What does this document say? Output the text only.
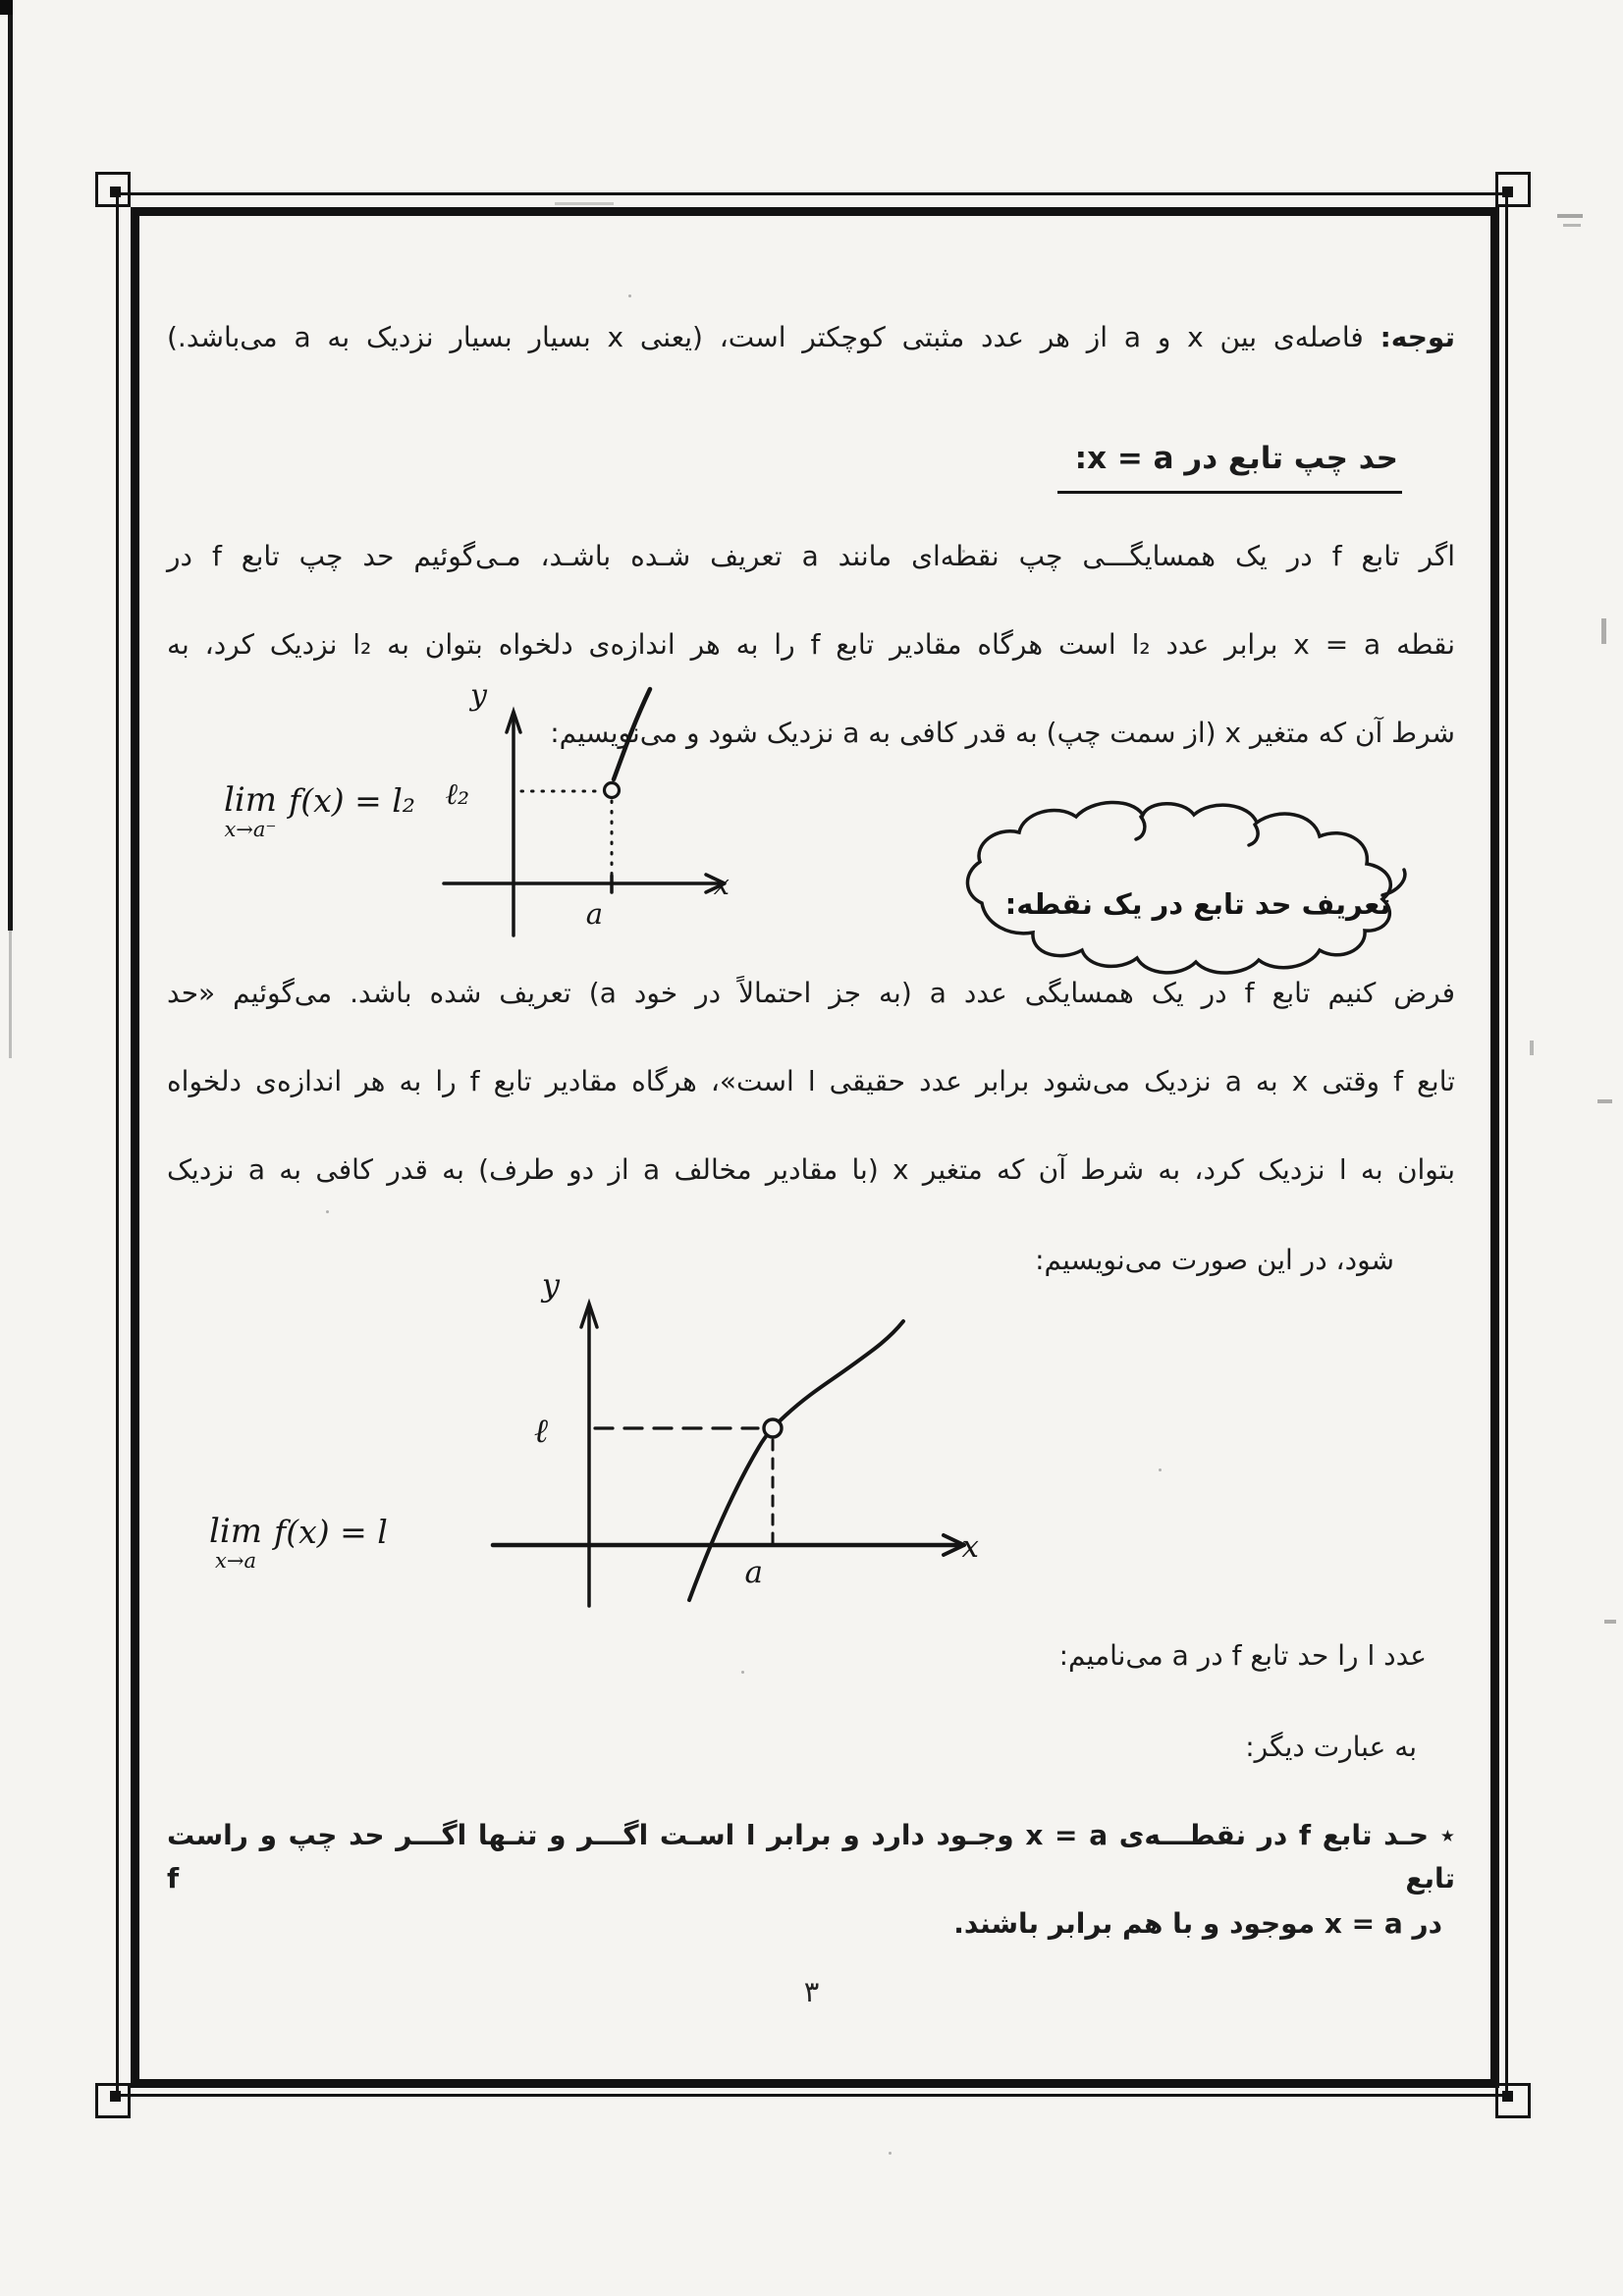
توجه: فاصله‌ی بین x و a از هر عدد مثبتی کوچکتر است، (یعنی x بسیار بسیار نزدیک به a می‌باشد.)
حد چپ تابع در x = a:
اگر تابع f در یک همسایگـــی چپ نقطه‌ای مانند a تعریف شـده باشـد، مـی‌گوئیم حد چپ تابع f در
نقطه x = a برابر عدد l₂ است هرگاه مقادیر تابع f را به هر اندازه‌ی دلخواه بتوان به l₂ نزدیک کرد، به
شرط آن که متغیر x (از سمت چپ) به قدر کافی به a نزدیک شود و می‌نویسیم:
lim
x→a⁻
f(x) = l₂
y
ℓ₂
a
x
تعریف حد تابع در یک نقطه:
فرض کنیم تابع f در یک همسایگی عدد a (به جز احتمالاً در خود a) تعریف شده باشد. می‌گوئیم «حد
تابع f وقتی x به a نزدیک می‌شود برابر عدد حقیقی l است»، هرگاه مقادیر تابع f را به هر اندازه‌ی دلخواه
بتوان به l نزدیک کرد، به شرط آن که متغیر x (با مقادیر مخالف a از دو طرف) به قدر کافی به a نزدیک
شود، در این صورت می‌نویسیم:
y
ℓ
a
x
lim
x→a
f(x) = l
عدد l را حد تابع f در a می‌نامیم:
به عبارت دیگر:
٭ حـد تابع f در نقطـــه‌ی x = a وجـود دارد و برابر l اسـت اگـــر و تنـها اگـــر حد چپ و راست تابع f
در x = a موجود و با هم برابر باشند.
۳
